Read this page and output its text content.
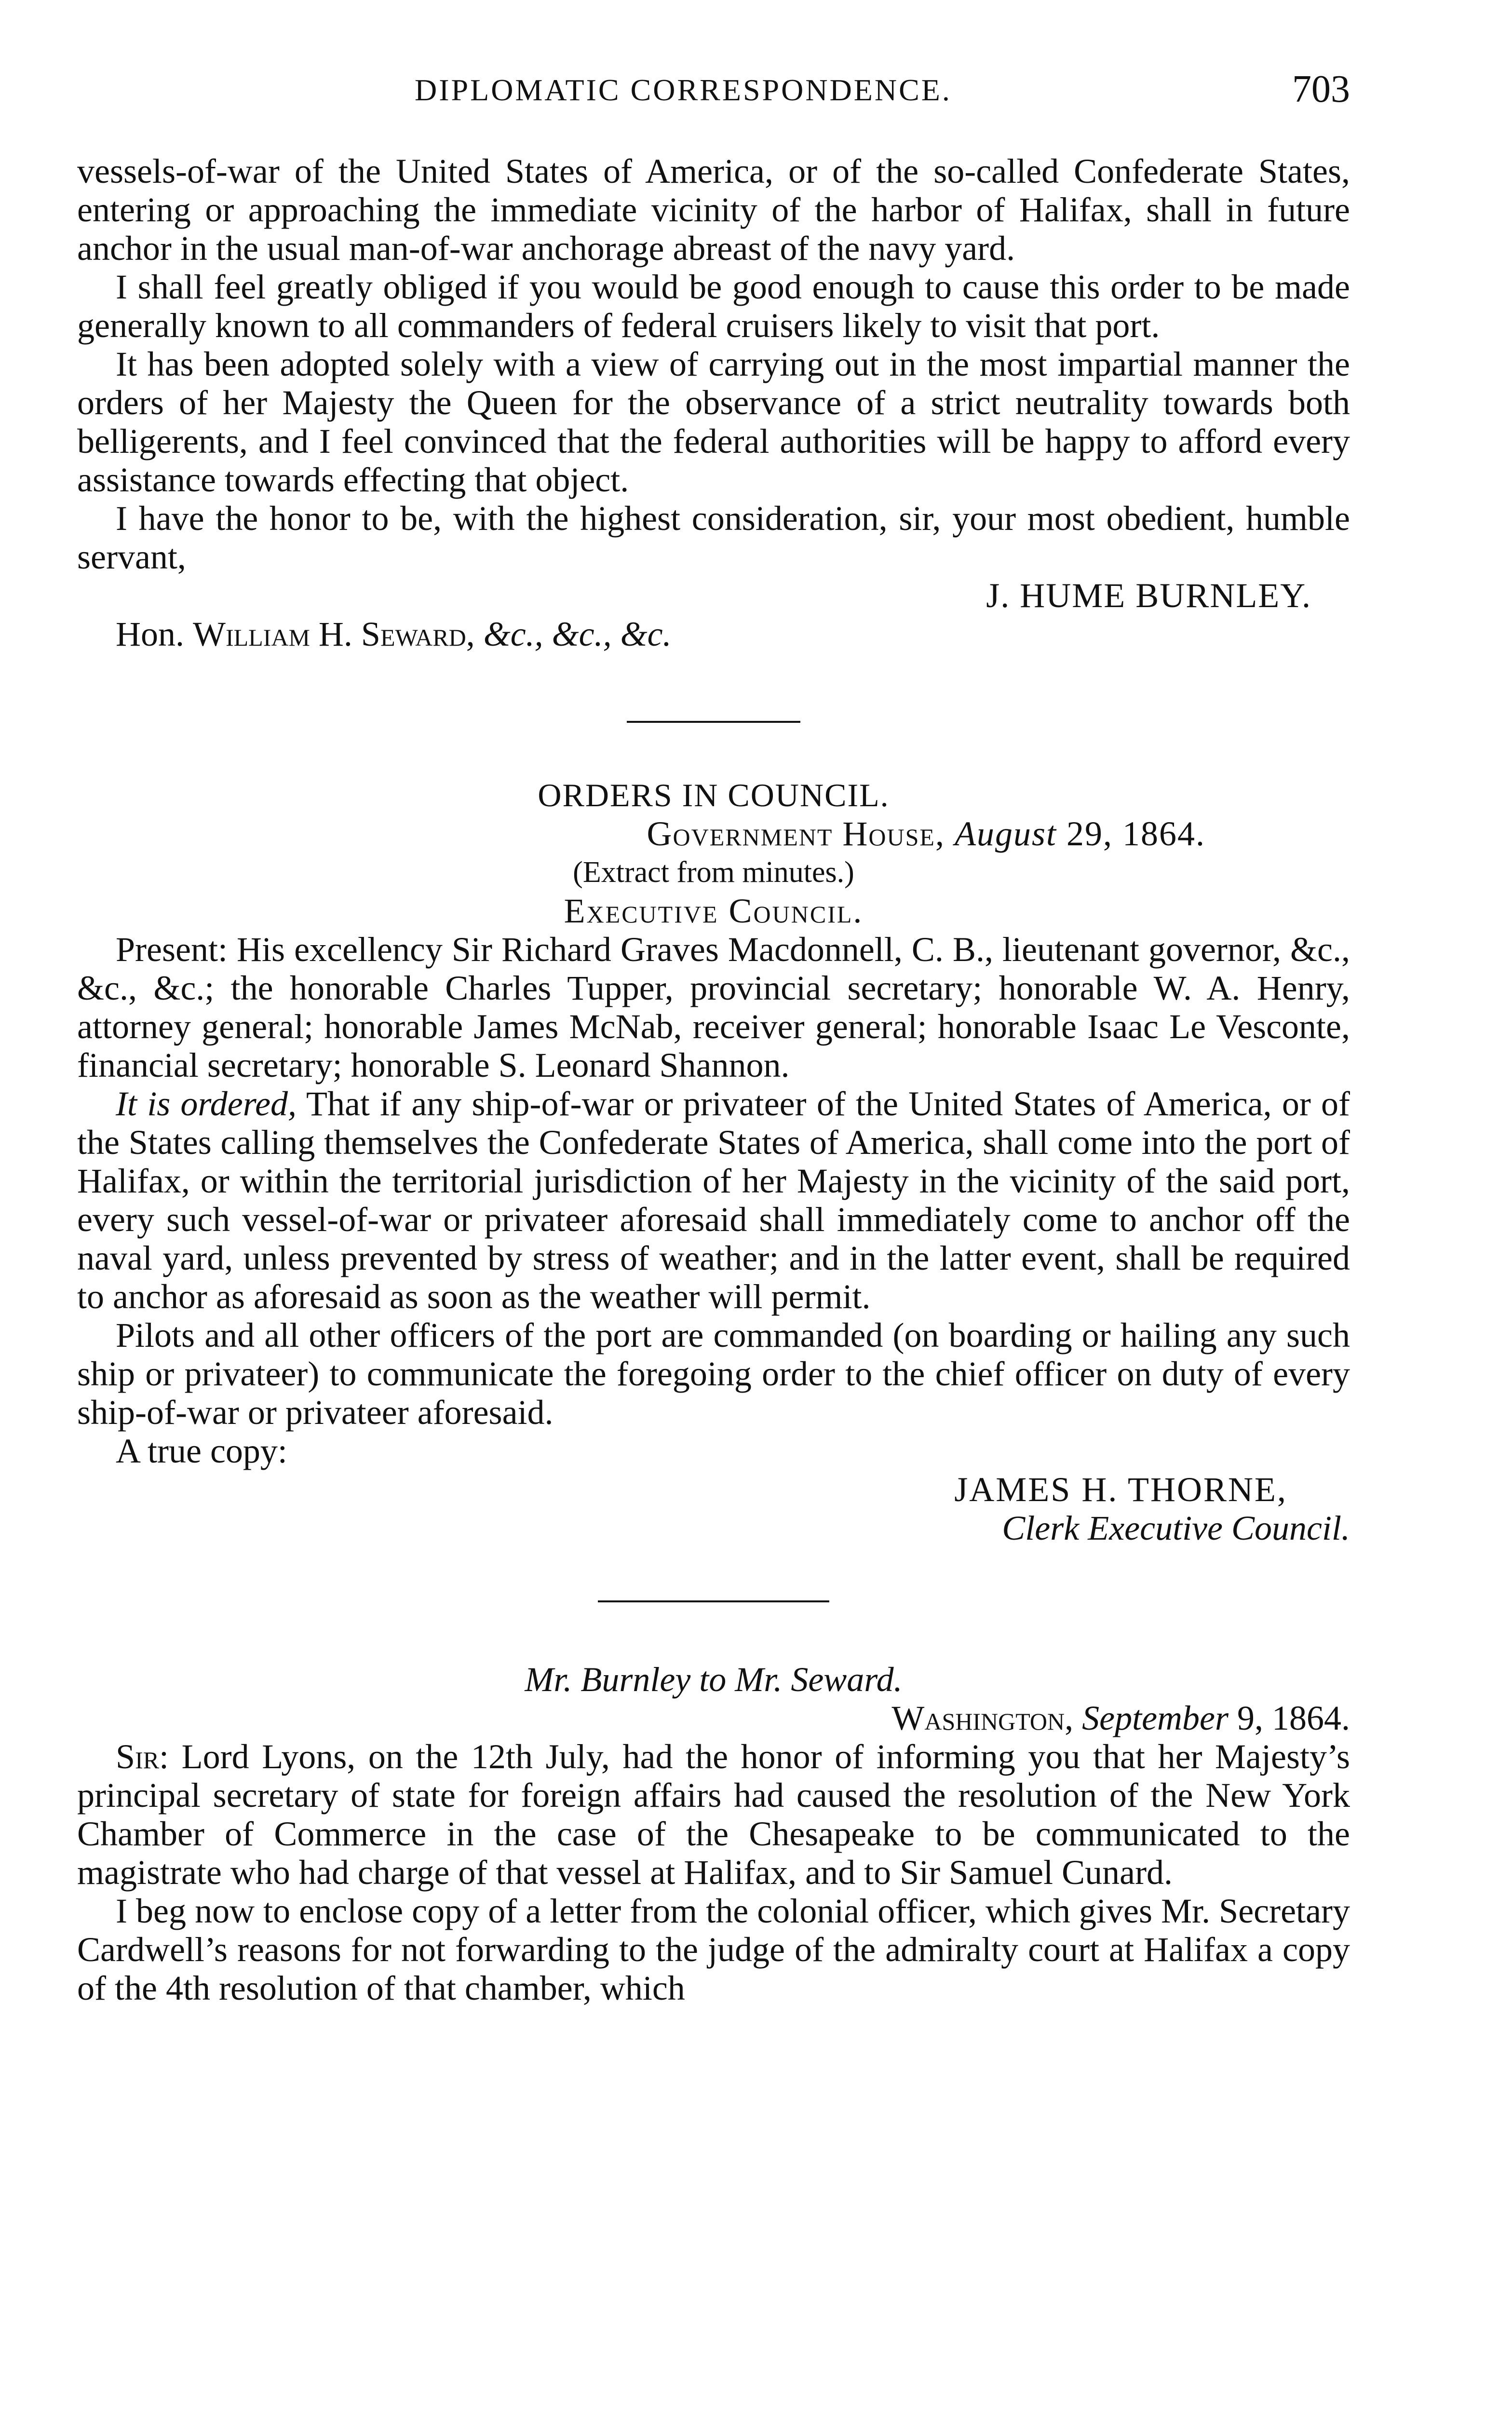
DIPLOMATIC CORRESPONDENCE.	703

vessels-of-war of the United States of America, or of the so-called Confederate States, entering or approaching the immediate vicinity of the harbor of Halifax, shall in future anchor in the usual man-of-war anchorage abreast of the navy yard.

I shall feel greatly obliged if you would be good enough to cause this order to be made generally known to all commanders of federal cruisers likely to visit that port.

It has been adopted solely with a view of carrying out in the most impartial manner the orders of her Majesty the Queen for the observance of a strict neutrality towards both belligerents, and I feel convinced that the federal authorities will be happy to afford every assistance towards effecting that object.

I have the honor to be, with the highest consideration, sir, your most obedient, humble servant,

J. HUME BURNLEY.

Hon. William H. Seward, &c., &c., &c.

ORDERS IN COUNCIL.

Government House, August 29, 1864.

(Extract from minutes.)

Executive Council.

Present: His excellency Sir Richard Graves Macdonnell, C. B., lieutenant governor, &c., &c., &c.; the honorable Charles Tupper, provincial secretary; honorable W. A. Henry, attorney general; honorable James McNab, receiver general; honorable Isaac Le Vesconte, financial secretary; honorable S. Leonard Shannon.

It is ordered, That if any ship-of-war or privateer of the United States of America, or of the States calling themselves the Confederate States of America, shall come into the port of Halifax, or within the territorial jurisdiction of her Majesty in the vicinity of the said port, every such vessel-of-war or privateer aforesaid shall immediately come to anchor off the naval yard, unless prevented by stress of weather; and in the latter event, shall be required to anchor as aforesaid as soon as the weather will permit.

Pilots and all other officers of the port are commanded (on boarding or hailing any such ship or privateer) to communicate the foregoing order to the chief officer on duty of every ship-of-war or privateer aforesaid.

A true copy:

JAMES H. THORNE,

Clerk Executive Council.

Mr. Burnley to Mr. Seward.

Washington, September 9, 1864.

Sir: Lord Lyons, on the 12th July, had the honor of informing you that her Majesty’s principal secretary of state for foreign affairs had caused the resolution of the New York Chamber of Commerce in the case of the Chesapeake to be communicated to the magistrate who had charge of that vessel at Halifax, and to Sir Samuel Cunard.

I beg now to enclose copy of a letter from the colonial officer, which gives Mr. Secretary Cardwell’s reasons for not forwarding to the judge of the admiralty court at Halifax a copy of the 4th resolution of that chamber, which
